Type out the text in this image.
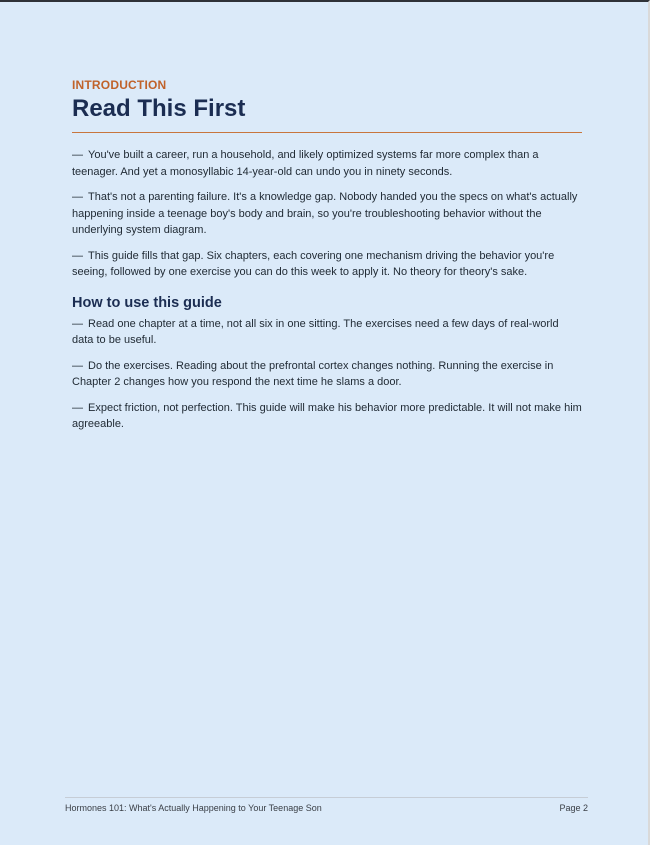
INTRODUCTION

Read This First

— You've built a career, run a household, and likely optimized systems far more complex than a teenager. And yet a monosyllabic 14-year-old can undo you in ninety seconds.

— That's not a parenting failure. It's a knowledge gap. Nobody handed you the specs on what's actually happening inside a teenage boy's body and brain, so you're troubleshooting behavior without the underlying system diagram.

— This guide fills that gap. Six chapters, each covering one mechanism driving the behavior you're seeing, followed by one exercise you can do this week to apply it. No theory for theory's sake.

How to use this guide

— Read one chapter at a time, not all six in one sitting. The exercises need a few days of real-world data to be useful.

— Do the exercises. Reading about the prefrontal cortex changes nothing. Running the exercise in Chapter 2 changes how you respond the next time he slams a door.

— Expect friction, not perfection. This guide will make his behavior more predictable. It will not make him agreeable.

Hormones 101: What's Actually Happening to Your Teenage Son	Page 2
